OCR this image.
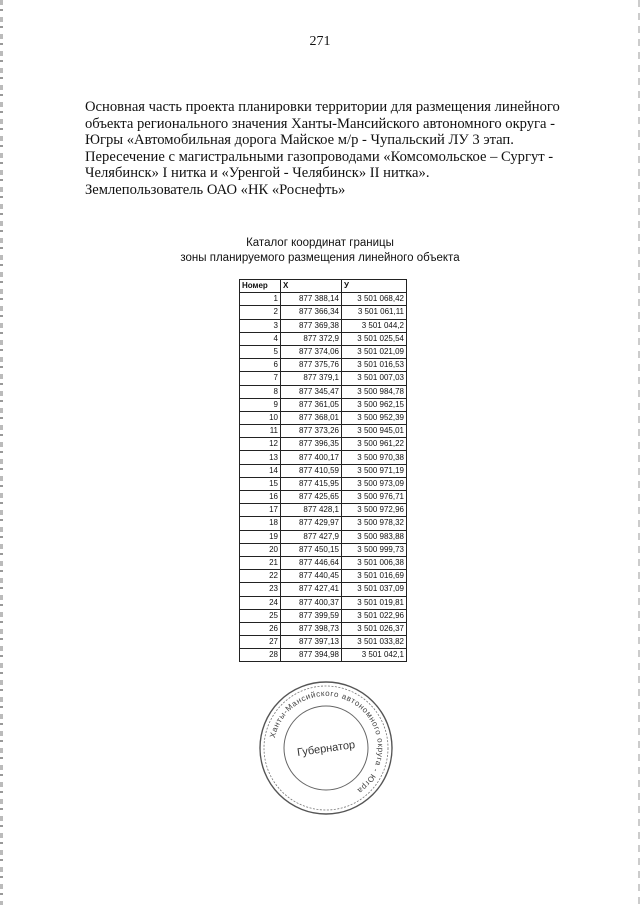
271
Основная часть проекта планировки территории для размещения линейного
объекта регионального значения Ханты-Мансийского автономного округа -
Югры «Автомобильная дорога Майское м/р - Чупальский ЛУ 3 этап.
Пересечение с магистральными газопроводами «Комсомольское – Сургут -
Челябинск» I нитка и «Уренгой - Челябинск» II нитка».
Землепользователь ОАО «НК «Роснефть»
Каталог координат границы
зоны планируемого размещения линейного объекта
Номер	X	У
1	877 388,14	3 501 068,42
2	877 366,34	3 501 061,11
3	877 369,38	3 501 044,2
4	877 372,9	3 501 025,54
5	877 374,06	3 501 021,09
6	877 375,76	3 501 016,53
7	877 379,1	3 501 007,03
8	877 345,47	3 500 984,78
9	877 361,05	3 500 962,15
10	877 368,01	3 500 952,39
11	877 373,26	3 500 945,01
12	877 396,35	3 500 961,22
13	877 400,17	3 500 970,38
14	877 410,59	3 500 971,19
15	877 415,95	3 500 973,09
16	877 425,65	3 500 976,71
17	877 428,1	3 500 972,96
18	877 429,97	3 500 978,32
19	877 427,9	3 500 983,88
20	877 450,15	3 500 999,73
21	877 446,64	3 501 006,38
22	877 440,45	3 501 016,69
23	877 427,41	3 501 037,09
24	877 400,37	3 501 019,81
25	877 399,59	3 501 022,96
26	877 398,73	3 501 026,37
27	877 397,13	3 501 033,82
28	877 394,98	3 501 042,1
Ханты-Мансийского автономного округа - Югра
Губернатор
